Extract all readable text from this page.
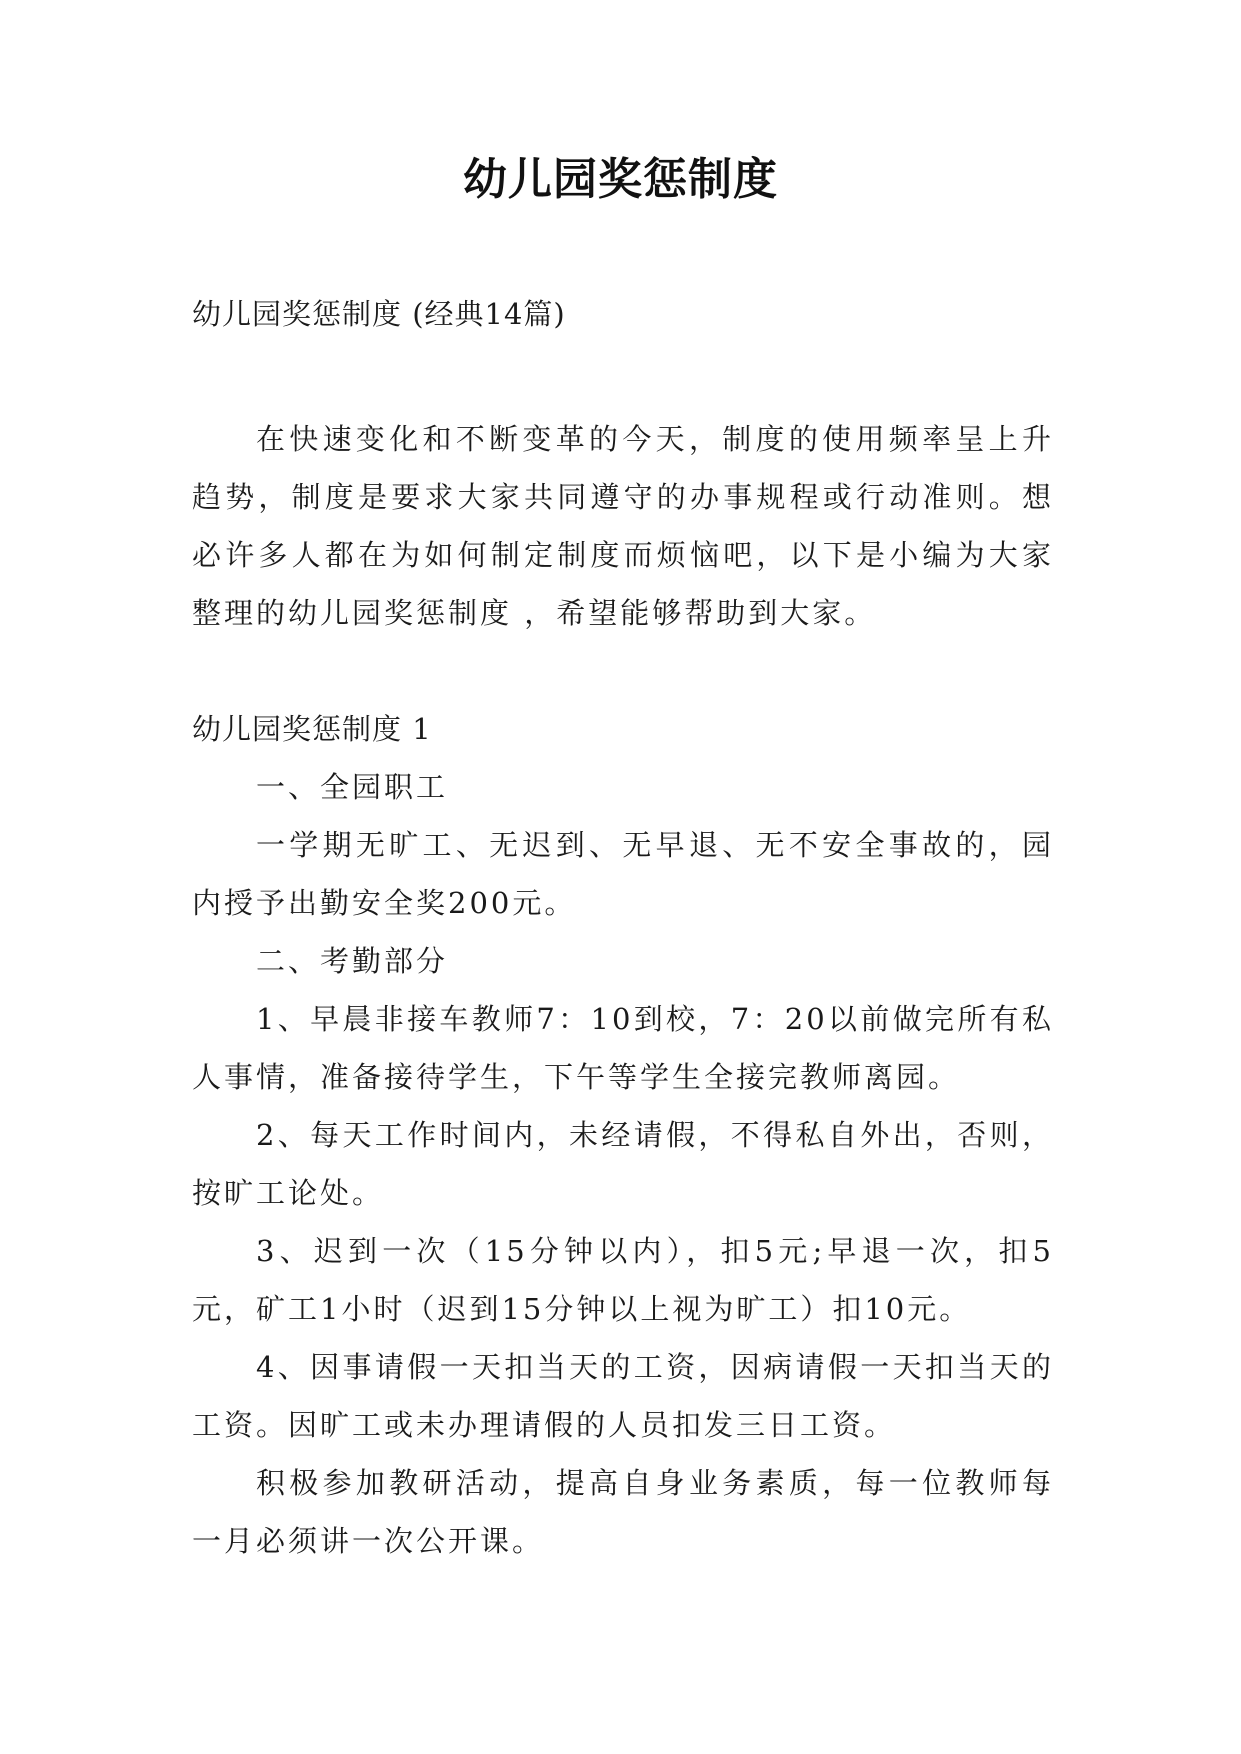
幼儿园奖惩制度
幼儿园奖惩制度 (经典14篇)
在快速变化和不断变革的今天，制度的使用频率呈上升趋势，制度是要求大家共同遵守的办事规程或行动准则。想必许多人都在为如何制定制度而烦恼吧，以下是小编为大家整理的幼儿园奖惩制度 ，希望能够帮助到大家。
幼儿园奖惩制度 1

一、全园职工

一学期无旷工、无迟到、无早退、无不安全事故的，园内授予出勤安全奖200元。

二、考勤部分

1、早晨非接车教师7：10到校，7：20以前做完所有私人事情，准备接待学生，下午等学生全接完教师离园。

2、每天工作时间内，未经请假，不得私自外出，否则，按旷工论处。

3、迟到一次（15分钟以内），扣5元;早退一次，扣5元，矿工1小时（迟到15分钟以上视为旷工）扣10元。

4、因事请假一天扣当天的工资，因病请假一天扣当天的工资。因旷工或未办理请假的人员扣发三日工资。

积极参加教研活动，提高自身业务素质，每一位教师每一月必须讲一次公开课。
